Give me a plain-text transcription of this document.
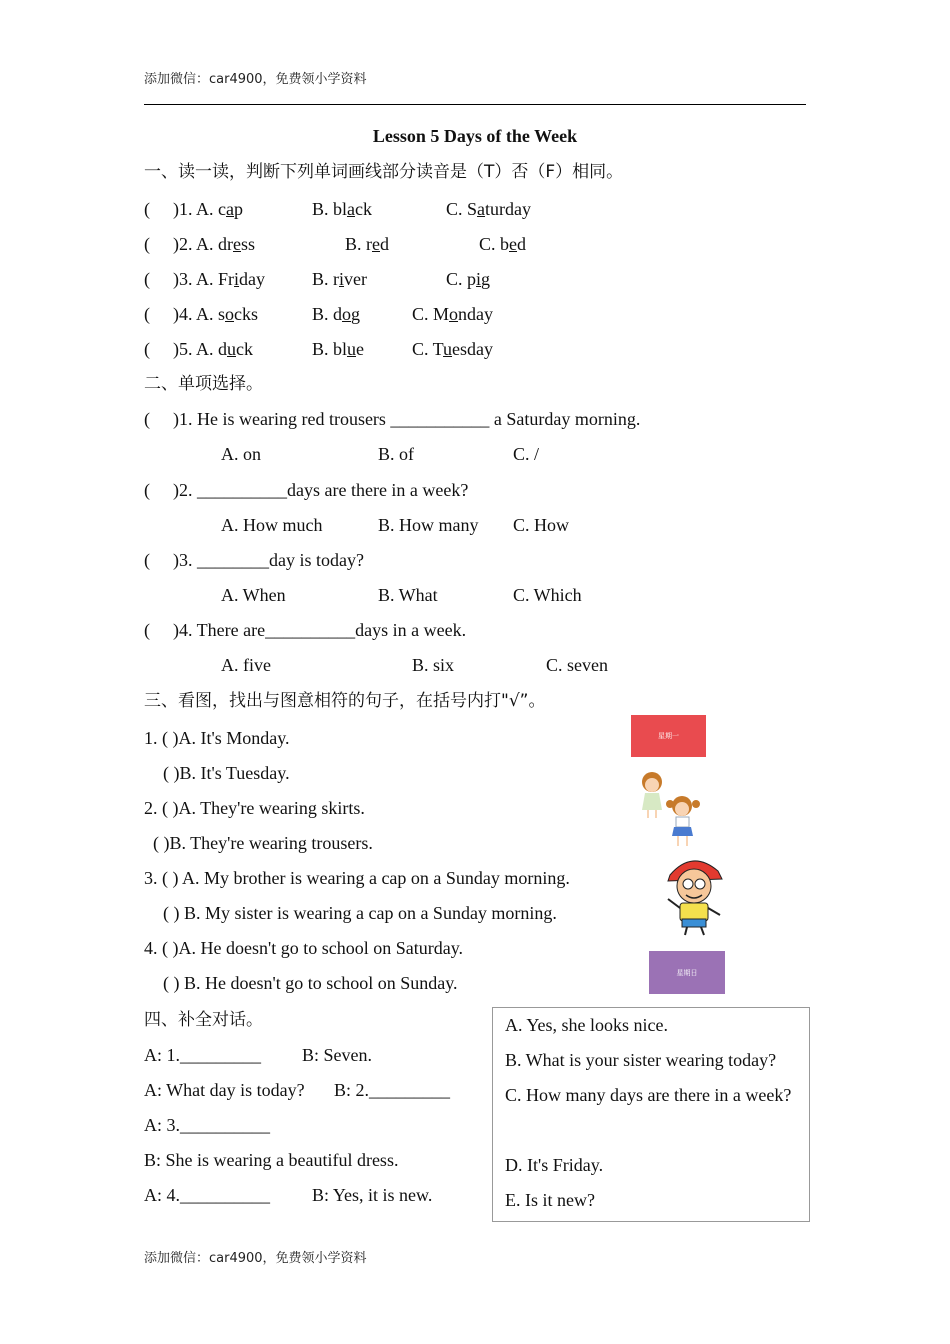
添加微信：car4900，免费领小学资料
Lesson 5 Days of the Week
一、读一读，判断下列单词画线部分读音是（T）否（F）相同。
( )1. A. cap	B. black	C. Saturday
( )2. A. dress	B. red	C. bed
( )3. A. Friday	B. river	C. pig
( )4. A. socks	B. dog	C. Monday
( )5. A. duck	B. blue	C. Tuesday
二、单项选择。
( )1. He is wearing red trousers ___________ a Saturday morning.
A. on	B. of	C. /
( )2. __________days are there in a week?
A. How much	B. How many C. How
( )3. ________day is today?
A. When	B. What	C. Which
( )4. There are__________days in a week.
A. five	B. six	C. seven
三、看图，找出与图意相符的句子，在括号内打"√”。
1. ( )A. It's Monday.
( )B. It's Tuesday.
2. ( )A. They're wearing skirts.
( )B. They're wearing trousers.
3. ( ) A. My brother is wearing a cap on a Sunday morning.
( ) B. My sister is wearing a cap on a Sunday morning.
4. ( )A. He doesn't go to school on Saturday.
( ) B. He doesn't go to school on Sunday.
星期一
星期日
四、补全对话。
A: 1._________ B: Seven.
A: What day is today? B: 2._________
A: 3.__________
B: She is wearing a beautiful dress.
A: 4.__________ B: Yes, it is new.
A. Yes, she looks nice.
B. What is your sister wearing today?
C. How many days are there in a week?
D. It's Friday.
E. Is it new?
添加微信：car4900，免费领小学资料
